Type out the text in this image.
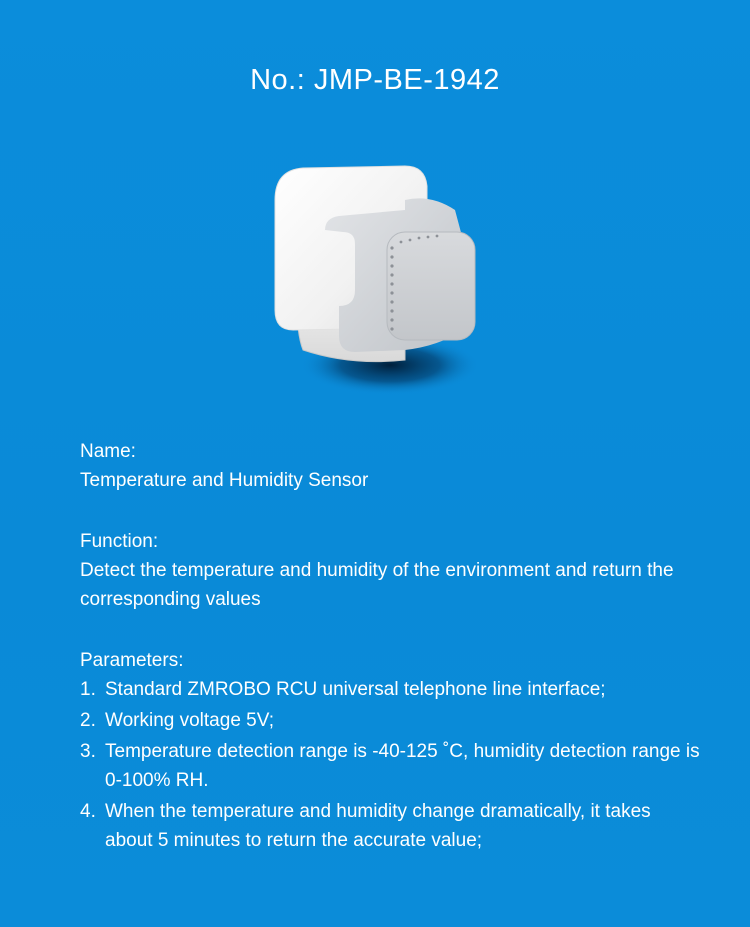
No.: JMP-BE-1942
Name:
Temperature and Humidity Sensor
Function:
Detect the temperature and humidity of the environment and return the corresponding values
Parameters:
1. Standard ZMROBO RCU universal telephone line interface;
2. Working voltage 5V;
3. Temperature detection range is -40-125 ˚C, humidity detection range is 0-100% RH.
4. When the temperature and humidity change dramatically, it takes about 5 minutes to return the accurate value;
